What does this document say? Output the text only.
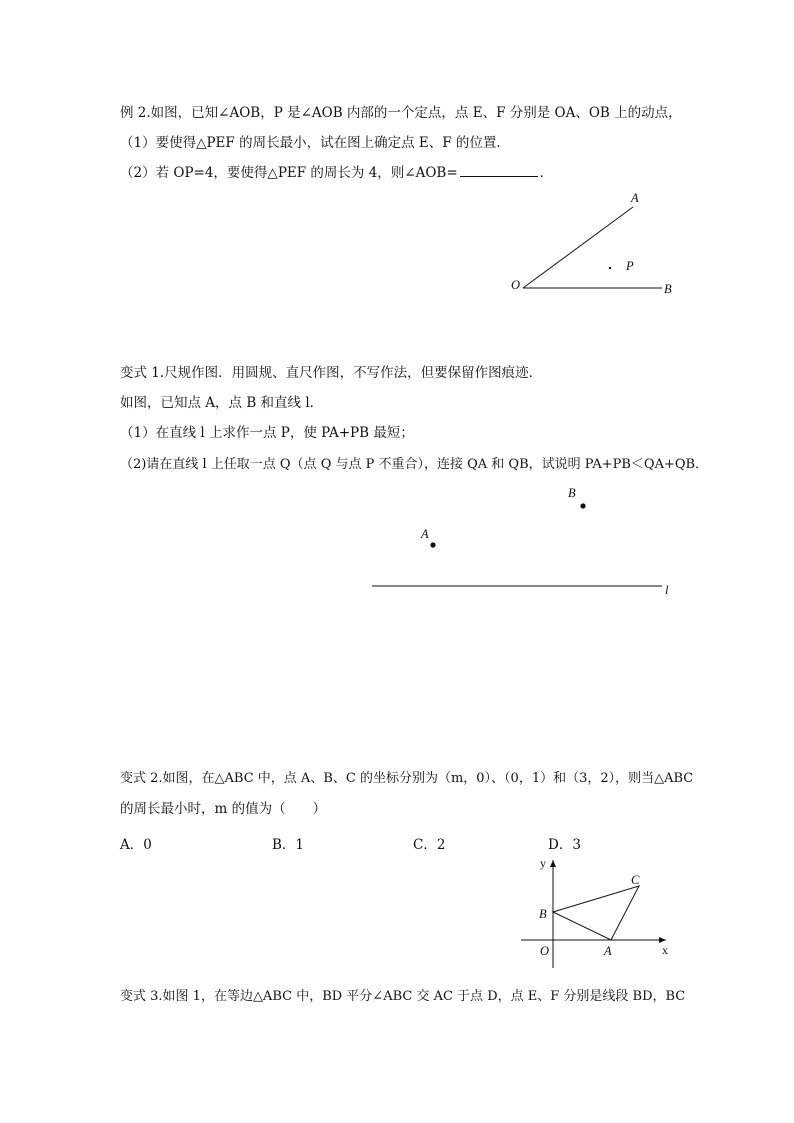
例 2.如图，已知∠AOB，P 是∠AOB 内部的一个定点，点 E、F 分别是 OA、OB 上的动点，
（1）要使得△PEF 的周长最小，试在图上确定点 E、F 的位置．
（2）若 OP=4，要使得△PEF 的周长为 4，则∠AOB=	．
变式 1.尺规作图．用圆规、直尺作图，不写作法，但要保留作图痕迹．
如图，已知点 A，点 B 和直线 l．
（1）在直线 l 上求作一点 P，使 PA+PB 最短；
（2)请在直线 l 上任取一点 Q（点 Q 与点 P 不重合），连接 QA 和 QB，试说明 PA+PB＜QA+QB．
变式 2.如图，在△ABC 中，点 A、B、C 的坐标分别为（m，0）、（0，1）和（3，2），则当△ABC
的周长最小时，m 的值为（　　）
A．0	B．1	C．2	D．3
变式 3.如图 1，在等边△ABC 中，BD 平分∠ABC 交 AC 于点 D，点 E、F 分别是线段 BD，BC
A
O	B
P
B
A
l
y
x
O
B
C
A
